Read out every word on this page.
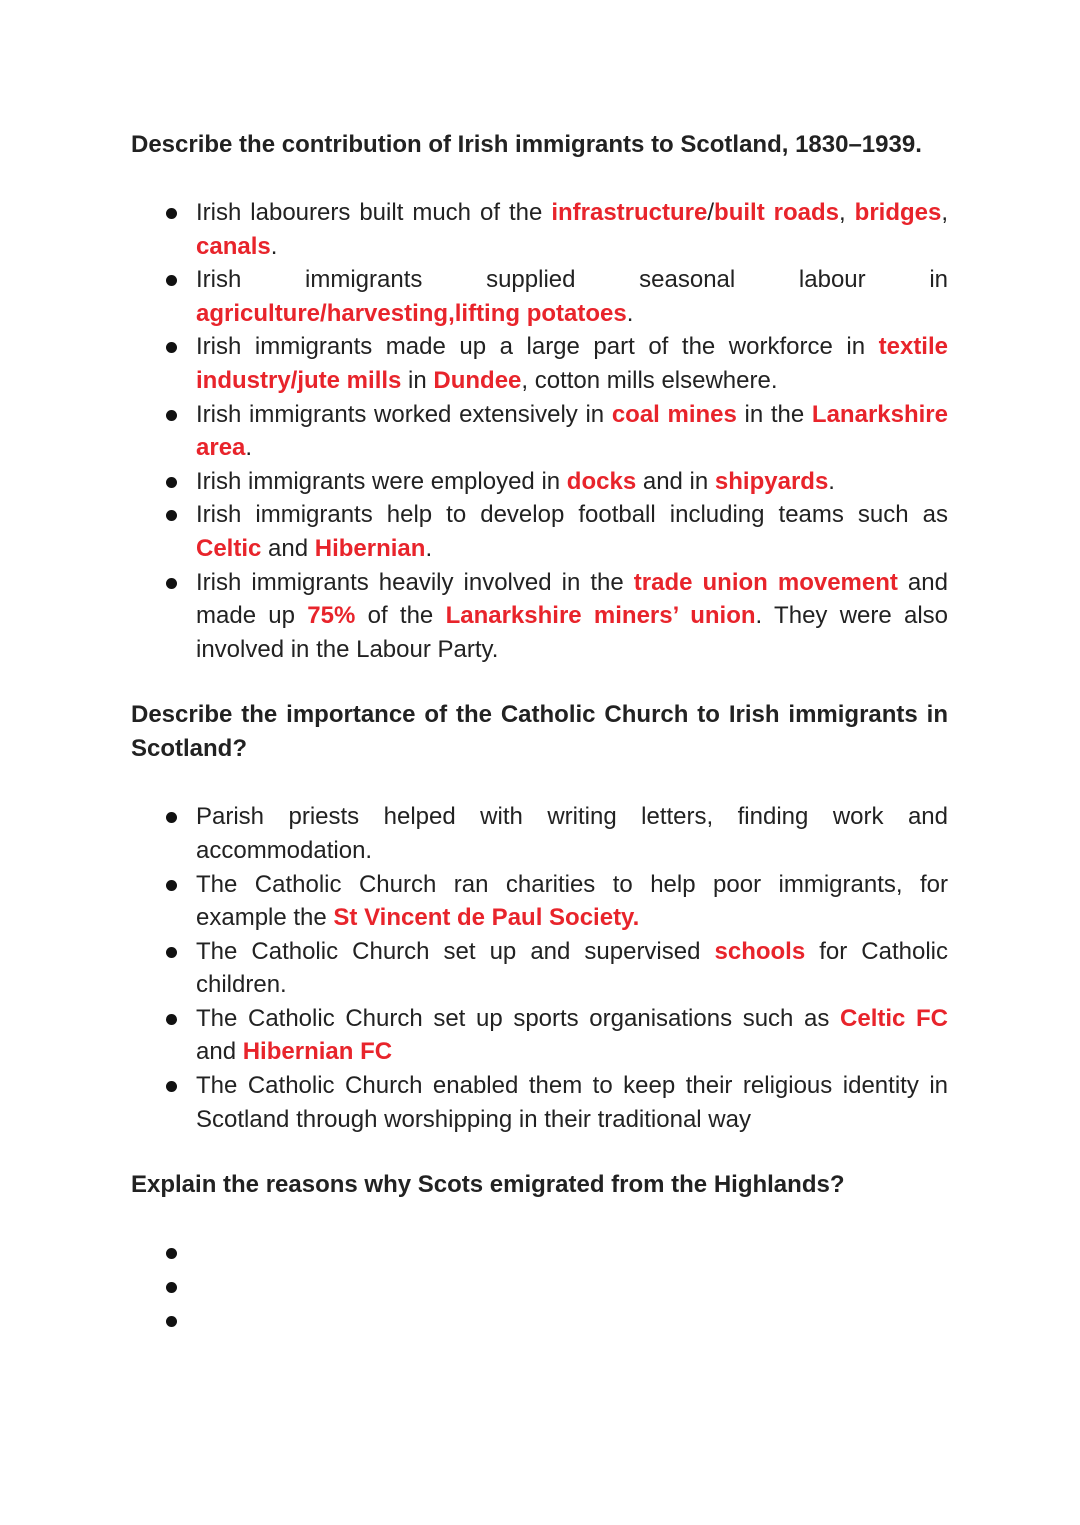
Describe the contribution of Irish immigrants to Scotland, 1830–1939.

Irish labourers built much of the infrastructure/built roads, bridges, canals.
Irish immigrants supplied seasonal labour in agriculture/harvesting,lifting potatoes.
Irish immigrants made up a large part of the workforce in textile industry/jute mills in Dundee, cotton mills elsewhere.
Irish immigrants worked extensively in coal mines in the Lanarkshire area.
Irish immigrants were employed in docks and in shipyards.
Irish immigrants help to develop football including teams such as Celtic and Hibernian.
Irish immigrants heavily involved in the trade union movement and made up 75% of the Lanarkshire miners’ union. They were also involved in the Labour Party.

Describe the importance of the Catholic Church to Irish immigrants in Scotland?

Parish priests helped with writing letters, finding work and accommodation.
The Catholic Church ran charities to help poor immigrants, for example the St Vincent de Paul Society.
The Catholic Church set up and supervised schools for Catholic children.
The Catholic Church set up sports organisations such as Celtic FC and Hibernian FC
The Catholic Church enabled them to keep their religious identity in Scotland through worshipping in their traditional way

Explain the reasons why Scots emigrated from the Highlands?
